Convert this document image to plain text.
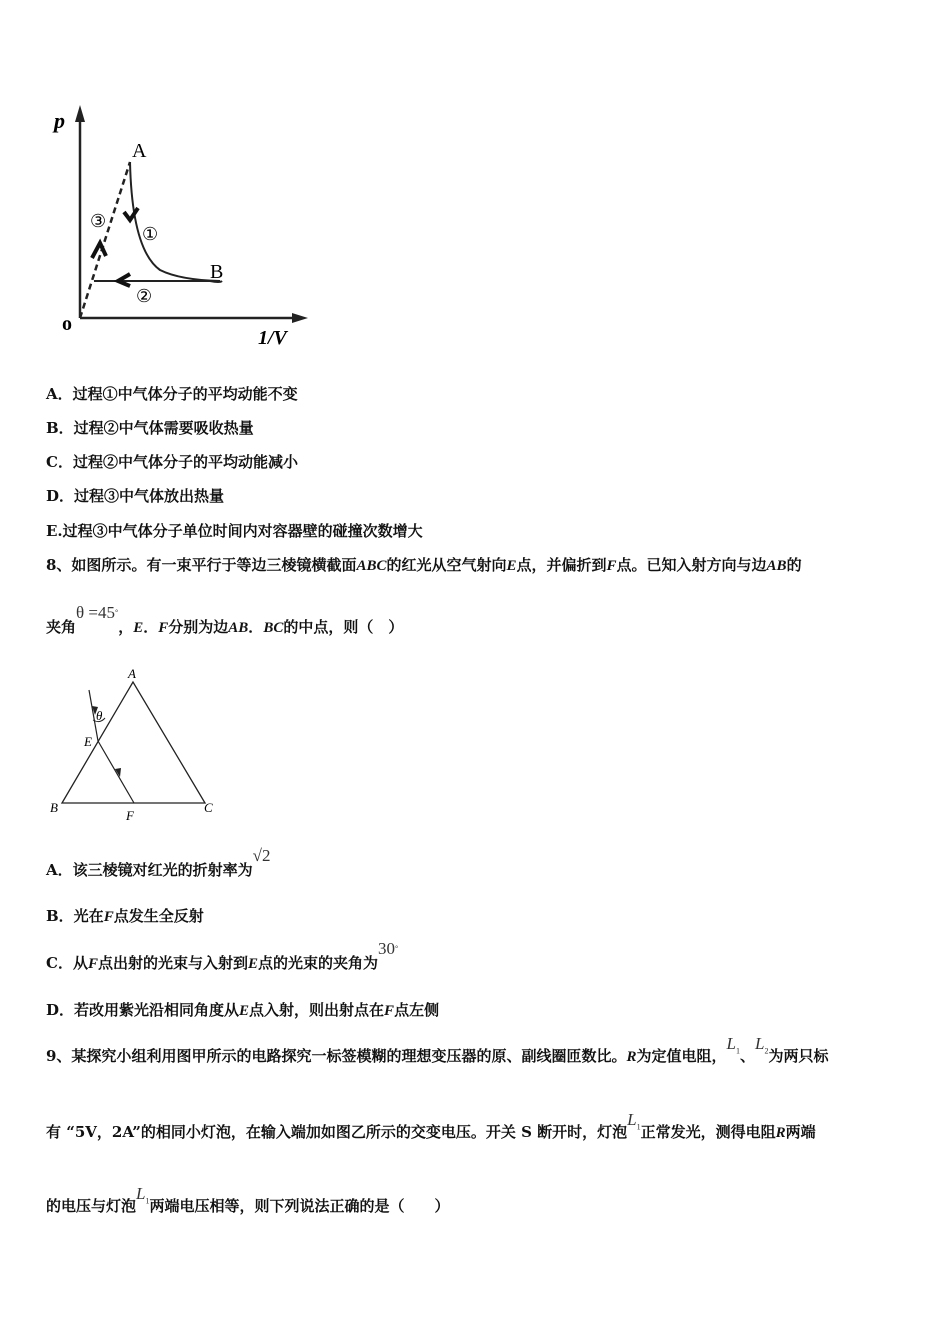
p
1/V
o
A
B
①
②
③
A．过程①中气体分子的平均动能不变
B．过程②中气体需要吸收热量
C．过程②中气体分子的平均动能减小
D．过程③中气体放出热量
E.过程③中气体分子单位时间内对容器壁的碰撞次数增大
8、如图所示。有一束平行于等边三棱镜横截面ABC的红光从空气射向E点，并偏折到F点。已知入射方向与边AB的
夹角θ =45°，E．F分别为边AB．BC的中点，则（　）
A
B	C
E
F
θ
A．该三棱镜对红光的折射率为√2
B．光在F点发生全反射
C．从F点出射的光束与入射到E点的光束的夹角为30°
D．若改用紫光沿相同角度从E点入射，则出射点在F点左侧
9、某探究小组利用图甲所示的电路探究一标签模糊的理想变压器的原、副线圈匝数比。R为定值电阻，$L_1$、$L_2$为两只标
有 “5V，2A”的相同小灯泡，在输入端加如图乙所示的交变电压。开关 S 断开时，灯泡$L_1$正常发光，测得电阻R两端
的电压与灯泡$L_1$两端电压相等，则下列说法正确的是（　　）
